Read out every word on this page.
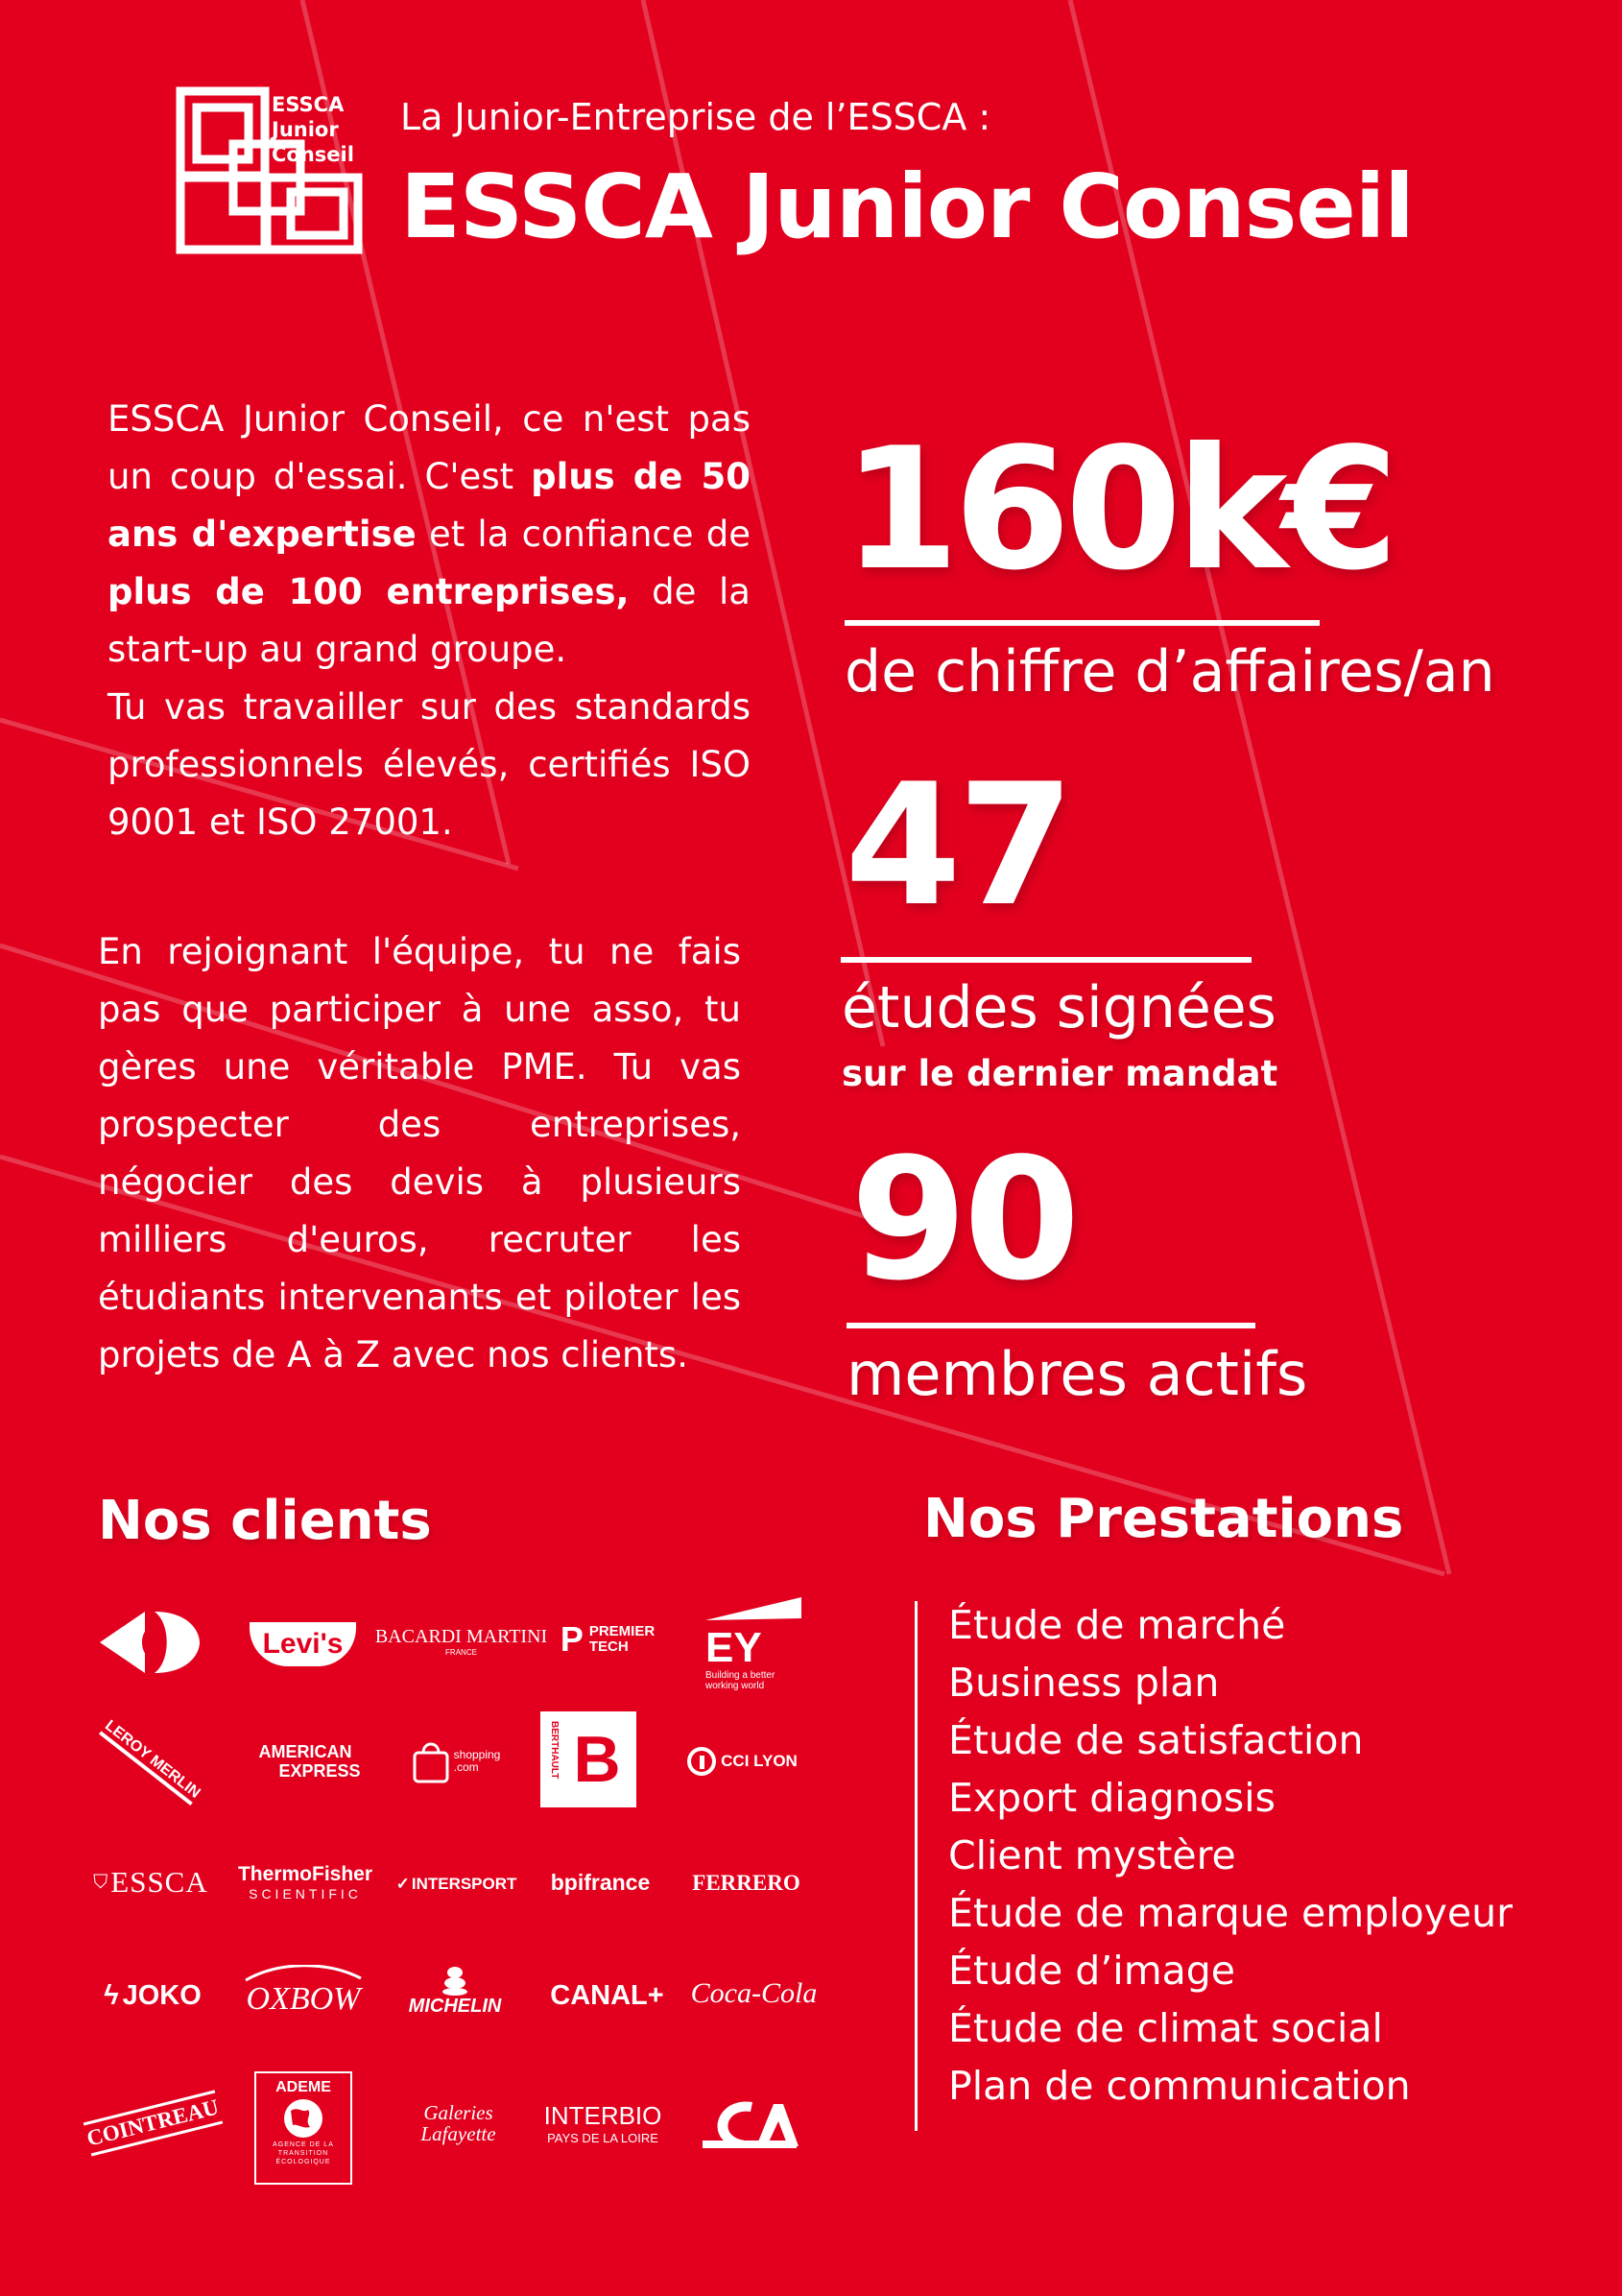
ESSCA
Junior
Conseil
La Junior-Entreprise de l’ESSCA :
ESSCA Junior Conseil
ESSCA Junior Conseil, ce n'est pas un coup d'essai. C'est plus de 50 ans d'expertise et la confiance de plus de 100 entreprises, de la start-up au grand groupe.
Tu vas travailler sur des standards professionnels élevés, certifiés ISO 9001 et ISO 27001.
En rejoignant l'équipe, tu ne fais pas que participer à une asso, tu gères une véritable PME. Tu vas prospecter des entreprises, négocier des devis à plusieurs milliers d'euros, recruter les étudiants intervenants et piloter les projets de A à Z avec nos clients.
160k€
de chiffre d’affaires/an
47
études signées
sur le dernier mandat
90
membres actifs
Nos clients
Levi's	BACARDI MARTINI
FRANCE P PREMIER
TECH	EY
Building a better working world
LEROY MERLIN	AMERICAN
EXPRESS
shopping
.com	BERTHAULT B	CCI LYON
⛉ ESSCA ThermoFisher
SCIENTIFIC
✓ INTERSPORT bpifrance	FERRERO
ϟ JOKO OXBOW	MICHELIN CANAL+ Coca-Cola
COINTREAU
ADEME
AGENCE DE LA TRANSITION ÉCOLOGIQUE
Galeries Lafayette
INTERBIO
PAYS DE LA LOIRE
Nos Prestations
Étude de marché
Business plan
Étude de satisfaction
Export diagnosis
Client mystère
Étude de marque employeur
Étude d’image
Étude de climat social
Plan de communication
